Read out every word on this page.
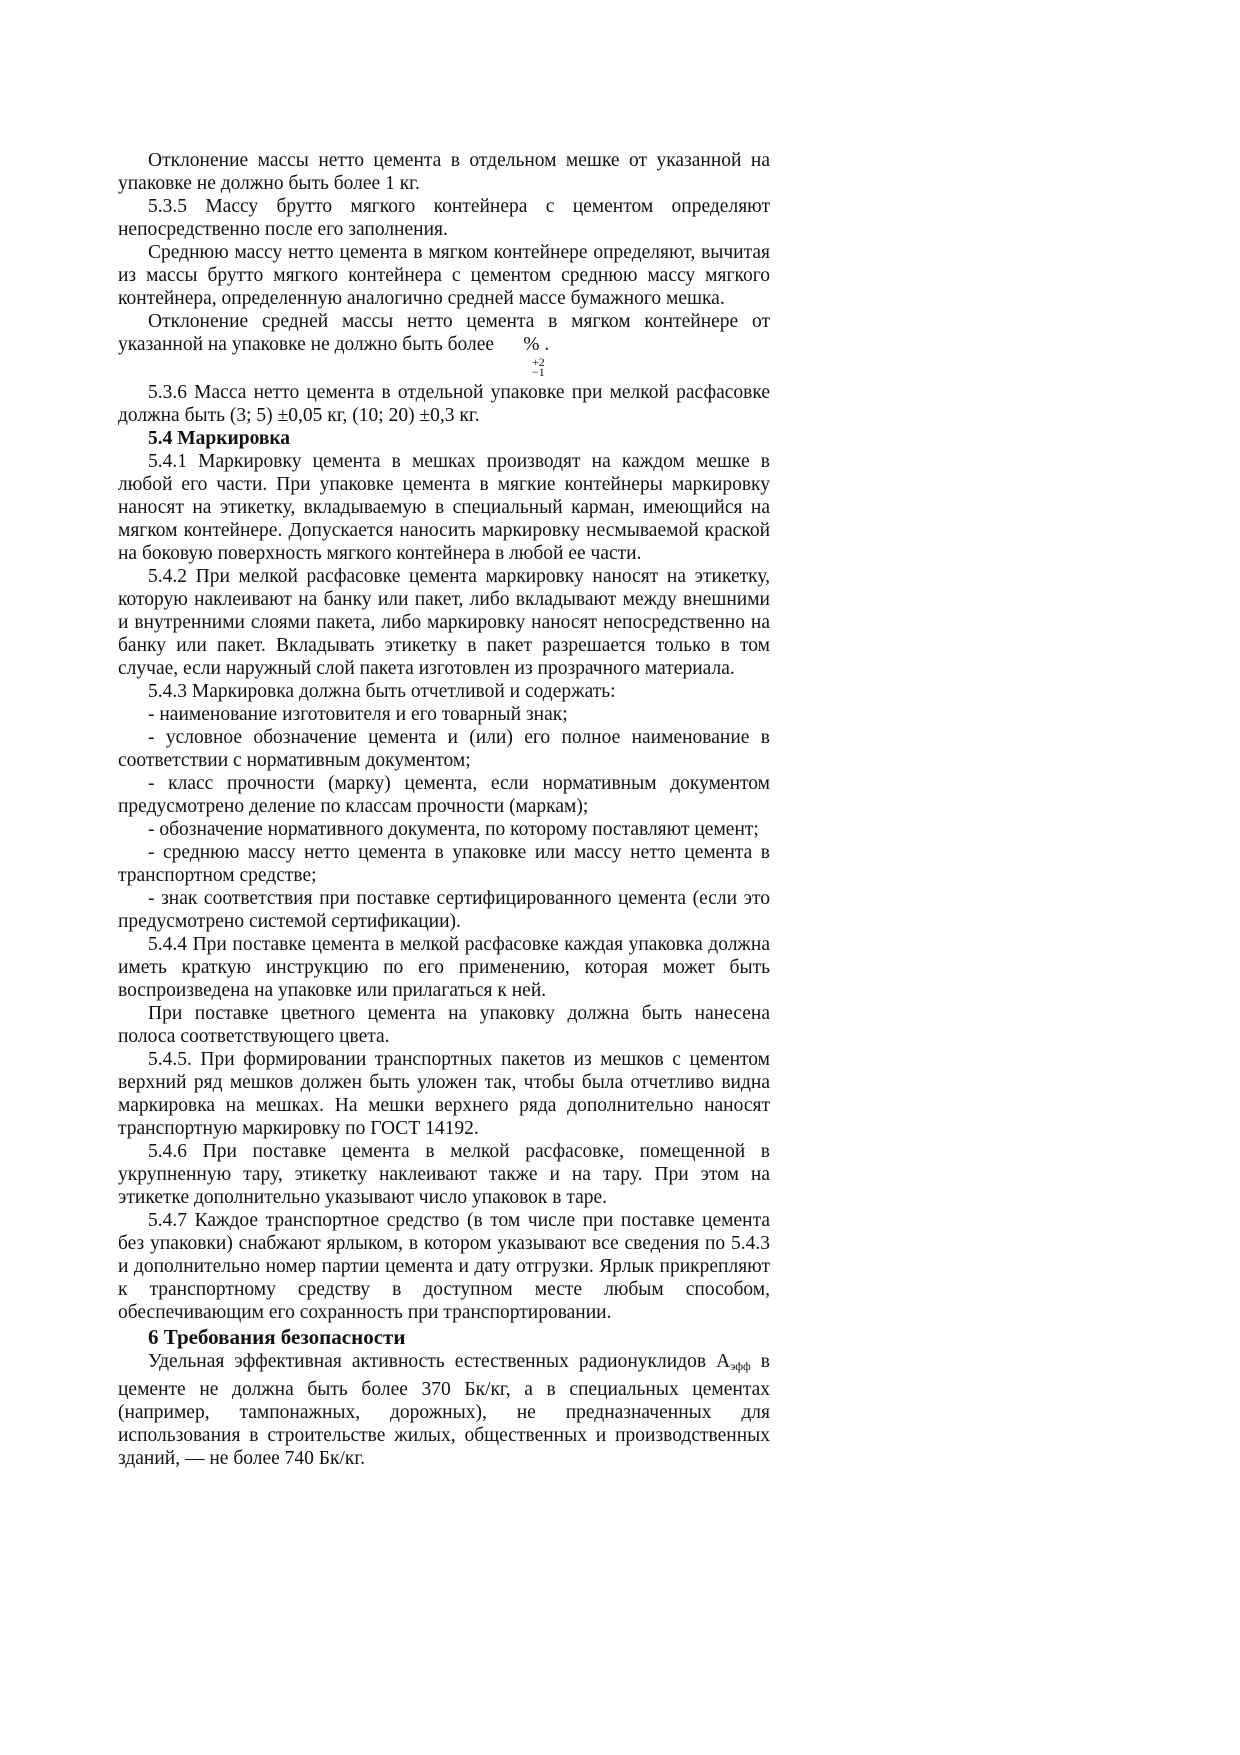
Отклонение массы нетто цемента в отдельном мешке от указанной на упаковке не должно быть более 1 кг.

5.3.5 Массу брутто мягкого контейнера с цементом определяют непосредственно после его заполнения.

Среднюю массу нетто цемента в мягком контейнере определяют, вычитая из массы брутто мягкого контейнера с цементом среднюю массу мягкого контейнера, определенную аналогично средней массе бумажного мешка.

Отклонение средней массы нетто цемента в мягком контейнере от указанной на упаковке не должно быть более      % .

+2
−1

5.3.6 Масса нетто цемента в отдельной упаковке при мелкой расфасовке должна быть (3; 5) ±0,05 кг, (10; 20) ±0,3 кг.

5.4 Маркировка

5.4.1 Маркировку цемента в мешках производят на каждом мешке в любой его части. При упаковке цемента в мягкие контейнеры маркировку наносят на этикетку, вкладываемую в специальный карман, имеющийся на мягком контейнере. Допускается наносить маркировку несмываемой краской на боковую поверхность мягкого контейнера в любой ее части.

5.4.2 При мелкой расфасовке цемента маркировку наносят на этикетку, которую наклеивают на банку или пакет, либо вкладывают между внешними и внутренними слоями пакета, либо маркировку наносят непосредственно на банку или пакет. Вкладывать этикетку в пакет разрешается только в том случае, если наружный слой пакета изготовлен из прозрачного материала.

5.4.3 Маркировка должна быть отчетливой и содержать:

- наименование изготовителя и его товарный знак;

- условное обозначение цемента и (или) его полное наименование в соответствии с нормативным документом;

- класс прочности (марку) цемента, если нормативным документом предусмотрено деление по классам прочности (маркам);

- обозначение нормативного документа, по которому поставляют цемент;

- среднюю массу нетто цемента в упаковке или массу нетто цемента в транспортном средстве;

- знак соответствия при поставке сертифицированного цемента (если это предусмотрено системой сертификации).

5.4.4 При поставке цемента в мелкой расфасовке каждая упаковка должна иметь краткую инструкцию по его применению, которая может быть воспроизведена на упаковке или прилагаться к ней.

При поставке цветного цемента на упаковку должна быть нанесена полоса соответствующего цвета.

5.4.5. При формировании транспортных пакетов из мешков с цементом верхний ряд мешков должен быть уложен так, чтобы была отчетливо видна маркировка на мешках. На мешки верхнего ряда дополнительно наносят транспортную маркировку по ГОСТ 14192.

5.4.6 При поставке цемента в мелкой расфасовке, помещенной в укрупненную тару, этикетку наклеивают также и на тару. При этом на этикетке дополнительно указывают число упаковок в таре.

5.4.7 Каждое транспортное средство (в том числе при поставке цемента без упаковки) снабжают ярлыком, в котором указывают все сведения по 5.4.3 и дополнительно номер партии цемента и дату отгрузки. Ярлык прикрепляют к транспортному средству в доступном месте любым способом, обеспечивающим его сохранность при транспортировании.

6 Требования безопасности

Удельная эффективная активность естественных радионуклидов $A_{эфф}$ в цементе не должна быть более 370 Бк/кг, а в специальных цементах (например, тампонажных, дорожных), не предназначенных для использования в строительстве жилых, общественных и производственных зданий, — не более 740 Бк/кг.
